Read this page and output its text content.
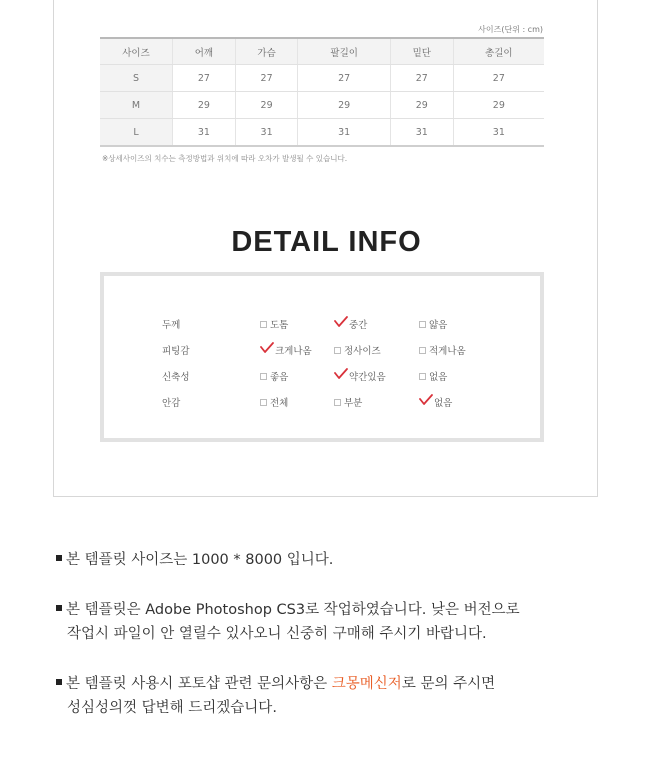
사이즈(단위 : cm)
사이즈	어깨	가슴	팔길이	밑단	총길이
S	27	27	27	27	27
M	29	29	29	29	29
L	31	31	31	31	31
※상세사이즈의 치수는 측정방법과 위치에 따라 오차가 발생될 수 있습니다.
DETAIL INFO
두께	도톰	중간	얇음
피팅감	크게나옴	정사이즈	적게나옴
신축성	좋음	약간있음	없음
안감	전체	부분	없음
본 템플릿 사이즈는 1000 * 8000 입니다.
본 템플릿은 Adobe Photoshop CS3로 작업하였습니다. 낮은 버전으로
작업시 파일이 안 열릴수 있사오니 신중히 구매해 주시기 바랍니다.
본 템플릿 사용시 포토샵 관련 문의사항은 크몽메신저로 문의 주시면
성심성의껏 답변해 드리겠습니다.
